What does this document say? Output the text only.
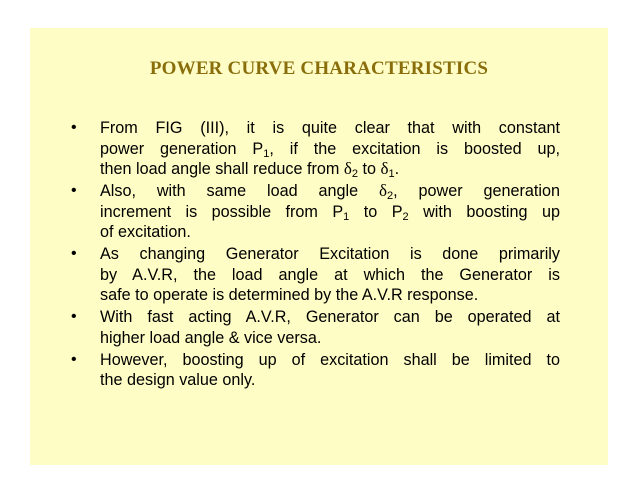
POWER CURVE CHARACTERISTICS
• From FIG (III), it is quite clear that with constant
power generation $P_1$, if the excitation is boosted up,
then load angle shall reduce from $\delta_2$ to $\delta_1$.
• Also, with same load angle $\delta_2$, power generation
increment is possible from $P_1$ to $P_2$ with boosting up
of excitation.
• As changing Generator Excitation is done primarily
by A.V.R, the load angle at which the Generator is
safe to operate is determined by the A.V.R response.
• With fast acting A.V.R, Generator can be operated at
higher load angle & vice versa.
• However, boosting up of excitation shall be limited to
the design value only.
